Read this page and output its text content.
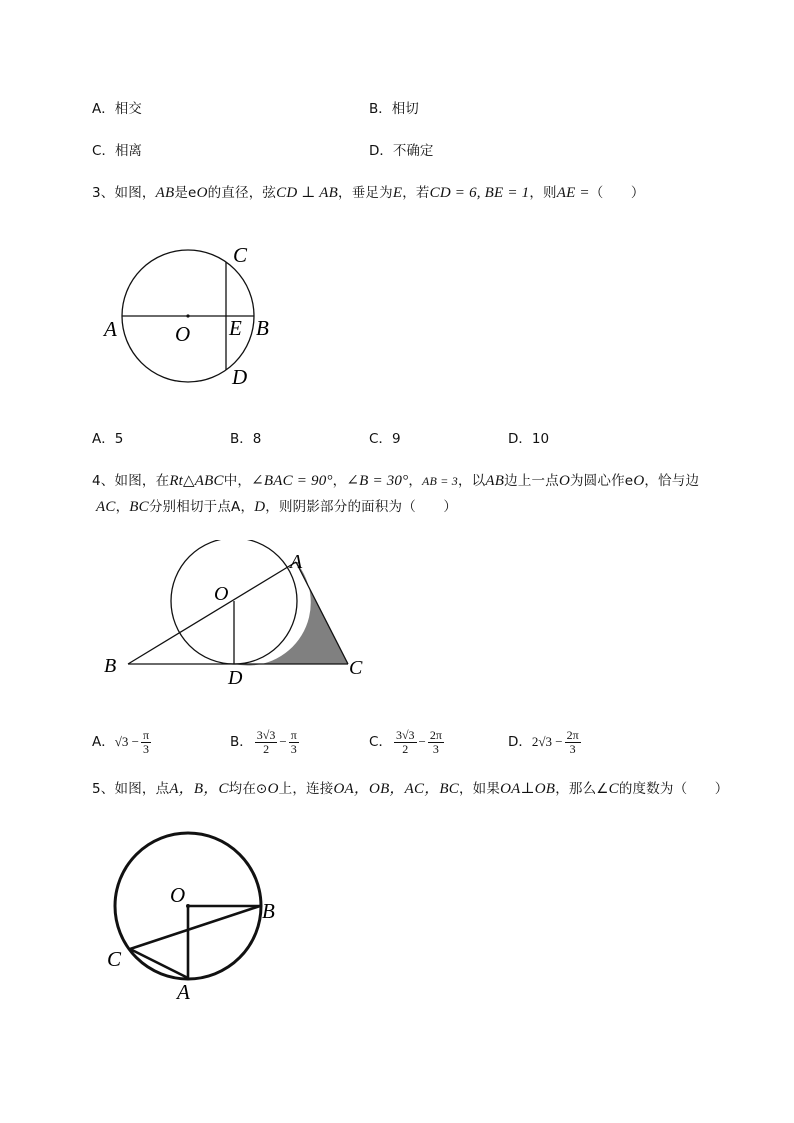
A．相交	B．相切
C．相离	D．不确定
3、如图，AB是eO的直径，弦CD ⊥ AB，垂足为E，若CD = 6, BE = 1，则AE =（　　）
A	O E B
C
D
A．5	B．8	C．9	D．10
4、如图，在Rt△ABC中，∠BAC = 90°，∠B = 30°，AB = 3，以AB边上一点O为圆心作eO，恰与边
AC，BC分别相切于点A，D，则阴影部分的面积为（　　）
B
D	C
A
O
A．$√3 - \frac{\pi}{3}$	B． $\frac{3√3}{2} - \frac{\pi}{3}$	C． $\frac{3√3}{2} - \frac{2\pi}{3}$	D．$2√3 - \frac{2\pi}{3}$
5、如图，点A，B，C均在⊙O上，连接OA，OB，AC，BC，如果OA⊥OB，那么∠C的度数为（　　）
O
B
C
A
